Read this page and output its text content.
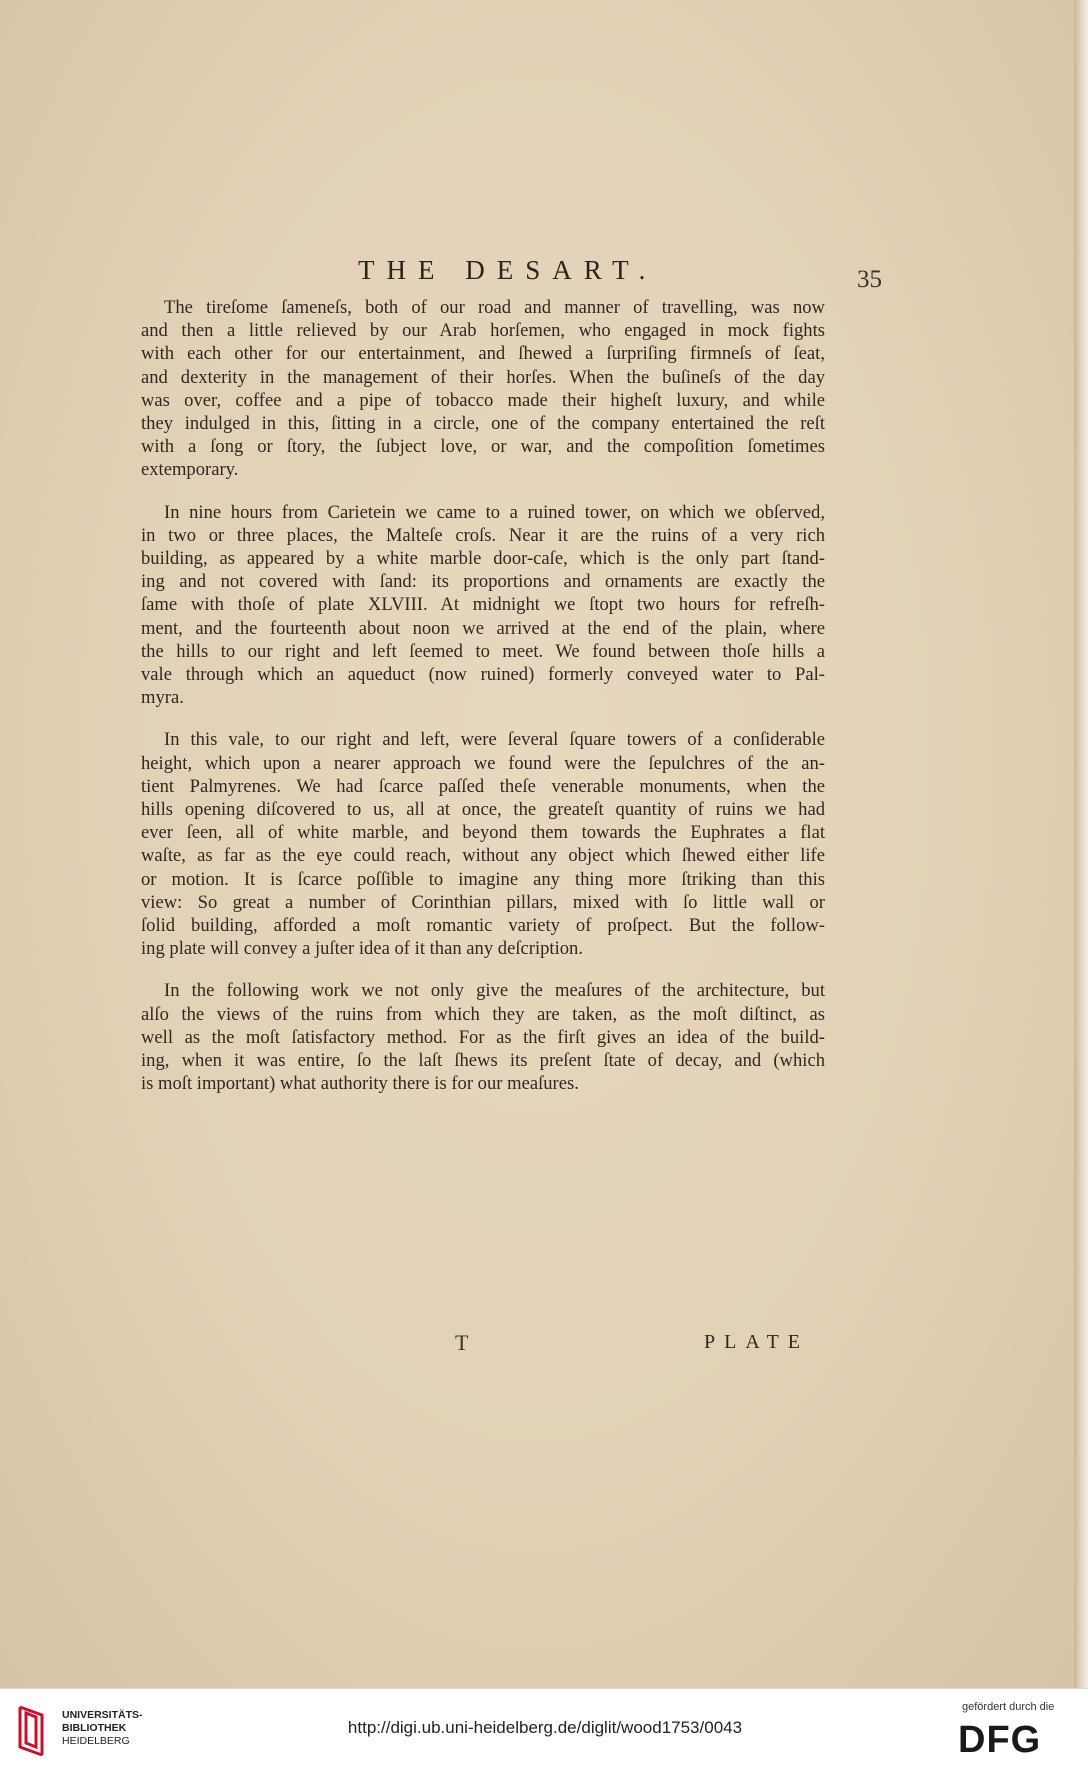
THE DESART.	35
The tireſome ſameneſs, both of our road and manner of travelling, was now
and then a little relieved by our Arab horſemen, who engaged in mock fights
with each other for our entertainment, and ſhewed a ſurpriſing firmneſs of ſeat,
and dexterity in the management of their horſes. When the buſineſs of the day
was over, coffee and a pipe of tobacco made their higheſt luxury, and while
they indulged in this, ſitting in a circle, one of the company entertained the reſt
with a ſong or ſtory, the ſubject love, or war, and the compoſition ſometimes
extemporary.
In nine hours from Carietein we came to a ruined tower, on which we obſerved,
in two or three places, the Malteſe croſs. Near it are the ruins of a very rich
building, as appeared by a white marble door-caſe, which is the only part ſtand-
ing and not covered with ſand: its proportions and ornaments are exactly the
ſame with thoſe of plate XLVIII. At midnight we ſtopt two hours for refreſh-
ment, and the fourteenth about noon we arrived at the end of the plain, where
the hills to our right and left ſeemed to meet. We found between thoſe hills a
vale through which an aqueduct (now ruined) formerly conveyed water to Pal-
myra.
In this vale, to our right and left, were ſeveral ſquare towers of a conſiderable
height, which upon a nearer approach we found were the ſepulchres of the an-
tient Palmyrenes. We had ſcarce paſſed theſe venerable monuments, when the
hills opening diſcovered to us, all at once, the greateſt quantity of ruins we had
ever ſeen, all of white marble, and beyond them towards the Euphrates a flat
waſte, as far as the eye could reach, without any object which ſhewed either life
or motion. It is ſcarce poſſible to imagine any thing more ſtriking than this
view: So great a number of Corinthian pillars, mixed with ſo little wall or
ſolid building, afforded a moſt romantic variety of proſpect. But the follow-
ing plate will convey a juſter idea of it than any deſcription.
In the following work we not only give the meaſures of the architecture, but
alſo the views of the ruins from which they are taken, as the moſt diſtinct, as
well as the moſt ſatisfactory method. For as the firſt gives an idea of the build-
ing, when it was entire, ſo the laſt ſhews its preſent ſtate of decay, and (which
is moſt important) what authority there is for our meaſures.
T	PLATE
UNIVERSITÄTS-
BIBLIOTHEK
HEIDELBERG
http://digi.ub.uni-heidelberg.de/diglit/wood1753/0043
gefördert durch die
DFG
